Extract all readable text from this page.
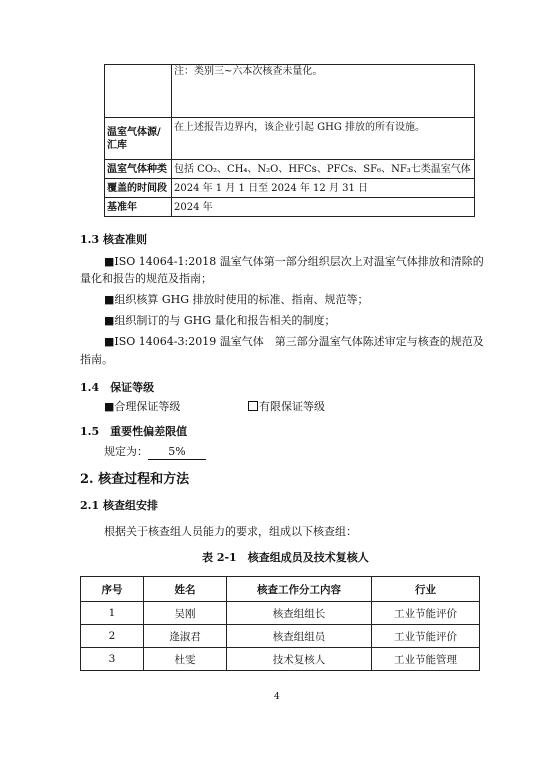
	注：类别三~六本次核查未量化。
温室气体源/汇库	在上述报告边界内，该企业引起 GHG 排放的所有设施。
温室气体种类	包括 CO₂、CH₄、N₂O、HFCs、PFCs、SF₆、NF₃七类温室气体
覆盖的时间段	2024 年 1 月 1 日至 2024 年 12 月 31 日
基准年	2024 年
1.3 核查准则
■ISO 14064-1:2018 温室气体第一部分组织层次上对温室气体排放和清除的
量化和报告的规范及指南；
■组织核算 GHG 排放时使用的标准、指南、规范等；
■组织制订的与 GHG 量化和报告相关的制度；
■ISO 14064-3:2019 温室气体　第三部分温室气体陈述审定与核查的规范及
指南。
1.4　保证等级
■合理保证等级	有限保证等级
1.5　重要性偏差限值
规定为： 5%
2. 核查过程和方法
2.1 核查组安排
根据关于核查组人员能力的要求，组成以下核查组：
表 2-1　核查组成员及技术复核人
序号	姓名	核查工作分工内容	行业
1	吴刚	核查组组长	工业节能评价
2	逄淑君	核查组组员	工业节能评价
3	杜雯	技术复核人	工业节能管理
4
